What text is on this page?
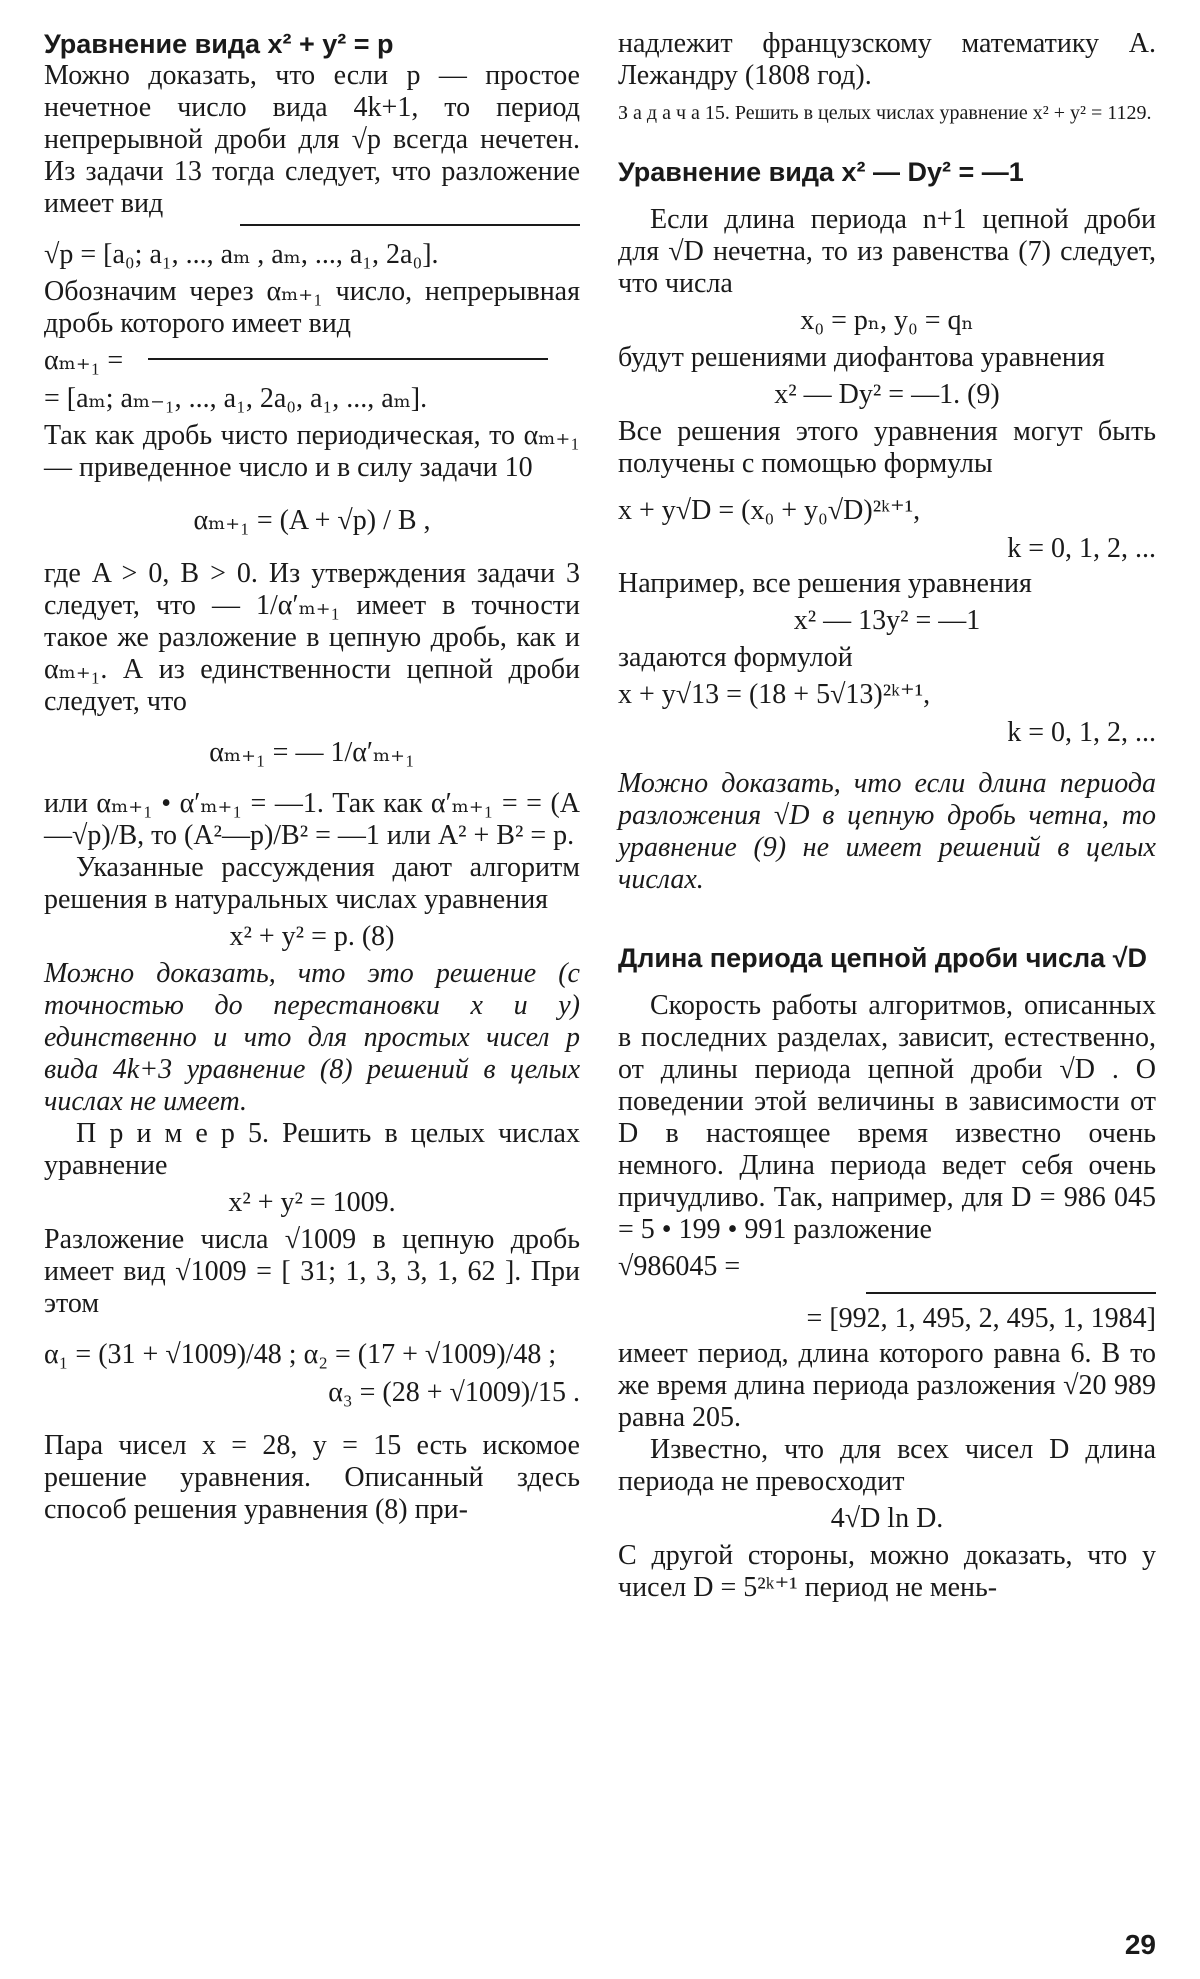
Уравнение вида x² + y² = p

Можно доказать, что если p — простое нечетное число вида 4k+1, то период непрерывной дроби для √p всегда нечетен. Из задачи 13 тогда следует, что разложение имеет вид

√p = [a₀; a₁, ..., aₘ , aₘ, ..., a₁, 2a₀].

Обозначим через αₘ₊₁ число, непрерывная дробь которого имеет вид

αₘ₊₁ =

= [aₘ; aₘ₋₁, ..., a₁, 2a₀, a₁, ..., aₘ].

Так как дробь чисто периодическая, то αₘ₊₁ — приведенное число и в силу задачи 10

αₘ₊₁ = (A + √p) / B ,

где A > 0, B > 0. Из утверждения задачи 3 следует, что — 1/α′ₘ₊₁ имеет в точности такое же разложение в цепную дробь, как и αₘ₊₁. А из единственности цепной дроби следует, что

αₘ₊₁ = — 1/α′ₘ₊₁

или αₘ₊₁ • α′ₘ₊₁ = —1. Так как α′ₘ₊₁ = = (A—√p)/B, то (A²—p)/B² = —1 или A² + B² = p.

Указанные рассуждения дают алгоритм решения в натуральных числах уравнения

x² + y² = p. (8)

Можно доказать, что это решение (с точностью до перестановки x и y) единственно и что для простых чисел p вида 4k+3 уравнение (8) решений в целых числах не имеет.

П р и м е р 5. Решить в целых числах уравнение

x² + y² = 1009.

Разложение числа √1009 в цепную дробь имеет вид √1009 = [ 31; 1, 3, 3, 1, 62 ]. При этом

α₁ = (31 + √1009)/48 ; α₂ = (17 + √1009)/48 ;

α₃ = (28 + √1009)/15 .

Пара чисел x = 28, y = 15 есть искомое решение уравнения. Описанный здесь способ решения уравнения (8) при-

надлежит французскому математику А. Лежандру (1808 год).

З а д а ч а 15. Решить в целых числах уравнение x² + y² = 1129.

Уравнение вида x² — Dy² = —1

Если длина периода n+1 цепной дроби для √D нечетна, то из равенства (7) следует, что числа

x₀ = pₙ, y₀ = qₙ

будут решениями диофантова уравнения

x² — Dy² = —1. (9)

Все решения этого уравнения могут быть получены с помощью формулы

x + y√D = (x₀ + y₀√D)²ᵏ⁺¹,

k = 0, 1, 2, ...

Например, все решения уравнения

x² — 13y² = —1

задаются формулой

x + y√13 = (18 + 5√13)²ᵏ⁺¹,

k = 0, 1, 2, ...

Можно доказать, что если длина периода разложения √D в цепную дробь четна, то уравнение (9) не имеет решений в целых числах.

Длина периода цепной дроби числа √D

Скорость работы алгоритмов, описанных в последних разделах, зависит, естественно, от длины периода цепной дроби √D . О поведении этой величины в зависимости от D в настоящее время известно очень немного. Длина периода ведет себя очень причудливо. Так, например, для D = 986 045 = 5 • 199 • 991 разложение

√986045 =

= [992, 1, 495, 2, 495, 1, 1984]

имеет период, длина которого равна 6. В то же время длина периода разложения √20 989 равна 205.

Известно, что для всех чисел D длина периода не превосходит

4√D ln D.

С другой стороны, можно доказать, что у чисел D = 5²ᵏ⁺¹ период не мень-

29
